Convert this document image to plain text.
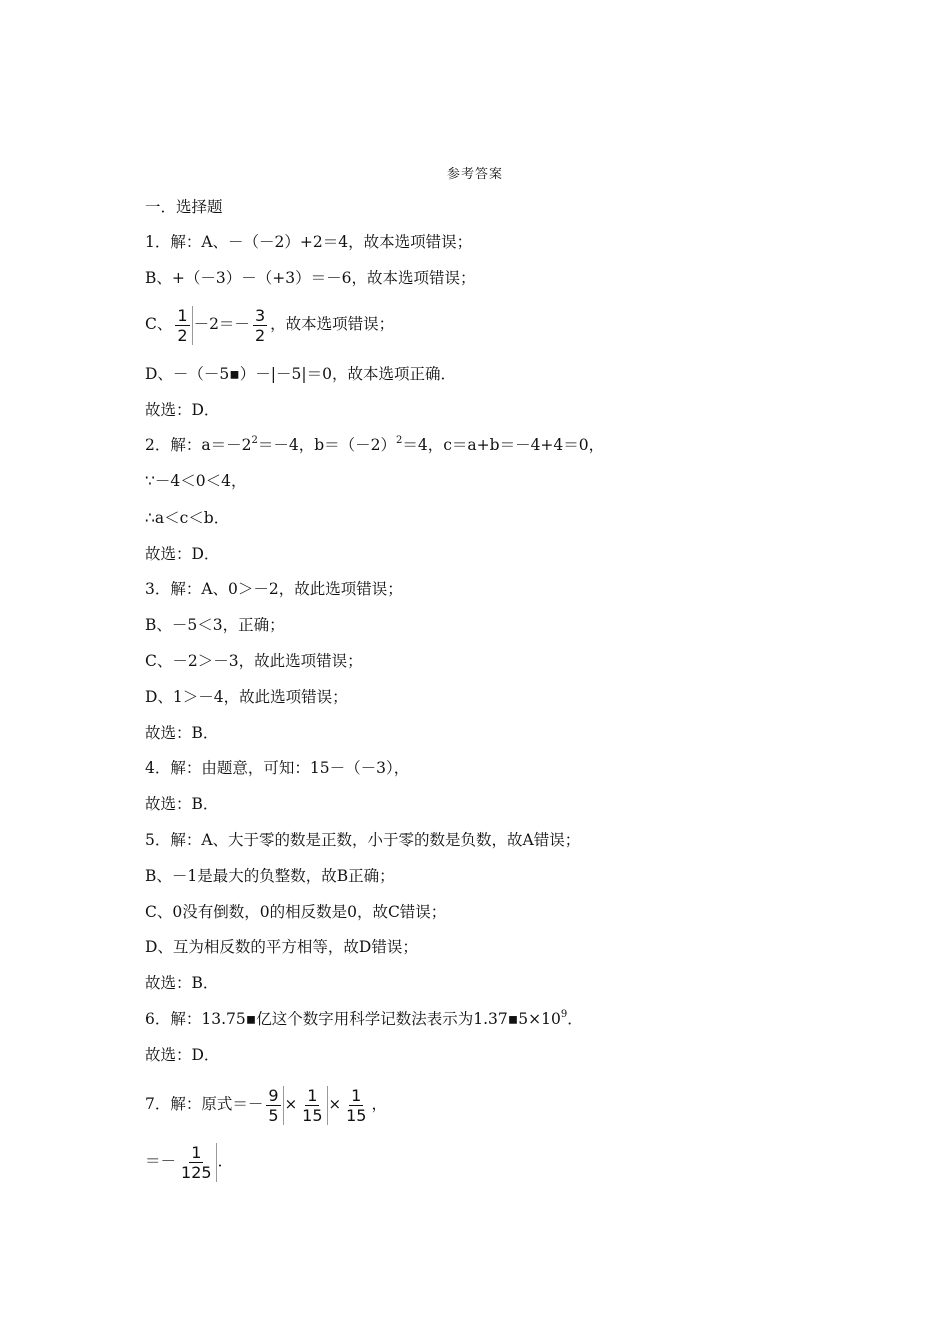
参考答案
一．选择题
1．解：A、－（－2）+2＝4，故本选项错误；
B、+（－3）－（+3）＝－6，故本选项错误；
C、 $\frac{1}{2} -2=- \frac{3}{2}$ ，故本选项错误；
D、－（－5▪）－|－5|＝0，故本选项正确．
故选：D．
2．解：$a=-2^2=-4$，$b=(-2)^2=4$，c＝a+b＝－4+4＝0，
∵－4＜0＜4，
∴a＜c＜b．
故选：D．
3．解：A、0＞－2，故此选项错误；
B、－5＜3，正确；
C、－2＞－3，故此选项错误；
D、1＞－4，故此选项错误；
故选：B．
4．解：由题意，可知：15－（－3），
故选：B．
5．解：A、大于零的数是正数，小于零的数是负数，故A错误；
B、－1是最大的负整数，故B正确；
C、0没有倒数，0的相反数是0，故C错误；
D、互为相反数的平方相等，故D错误；
故选：B．
6．解：13.75▪亿这个数字用科学记数法表示为$1.37▪5\times 10^9$．
故选：D．
7．解：原式＝－ $\frac{9}{5} \times \frac{1}{15} \times \frac{1}{15}$ ，
＝－ $\frac{1}{125}$ ．
